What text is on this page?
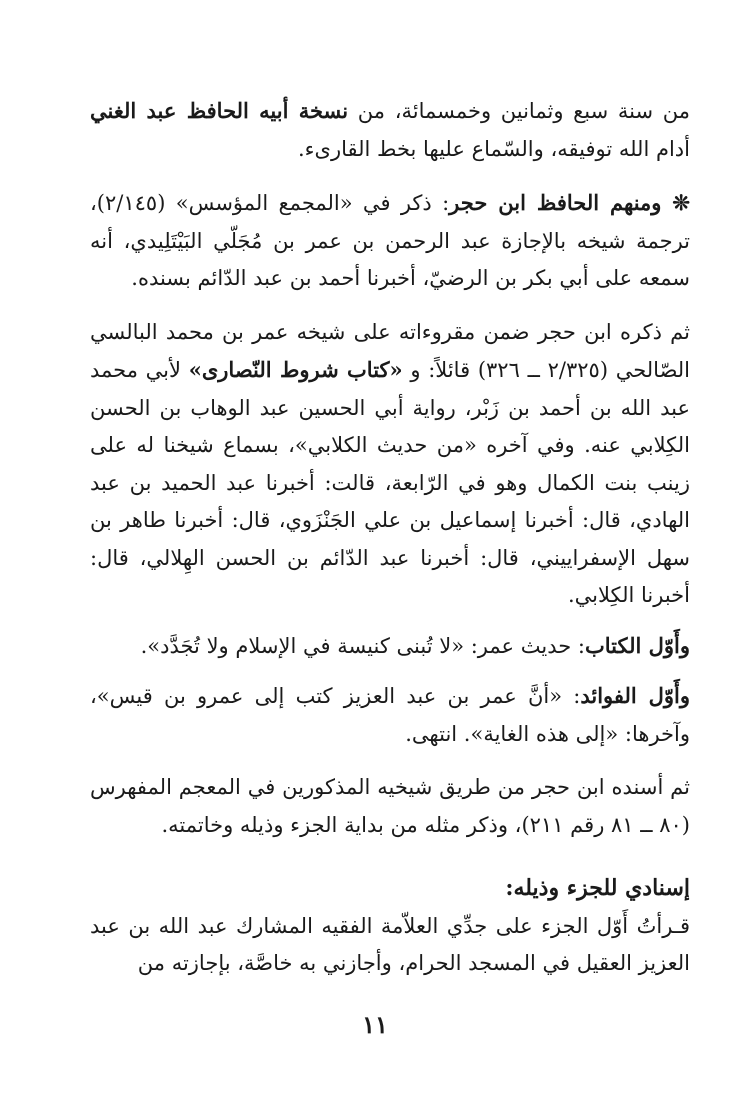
من سنة سبع وثمانين وخمسمائة، من نسخة أبيه الحافظ عبد الغني أدام الله توفيقه، والسّماع عليها بخط القارىء.

❊ ومنهم الحافظ ابن حجر: ذكر في «المجمع المؤسس» (٢/١٤٥)، ترجمة شيخه بالإجازة عبد الرحمن بن عمر بن مُجَلّي البَيْتَلِيدي، أنه سمعه على أبي بكر بن الرضيّ، أخبرنا أحمد بن عبد الدّائم بسنده.

ثم ذكره ابن حجر ضمن مقروءاته على شيخه عمر بن محمد البالسي الصّالحي (٢/٣٢٥ ــ ٣٢٦) قائلاً: و «كتاب شروط النّصارى» لأبي محمد عبد الله بن أحمد بن زَبْر، رواية أبي الحسين عبد الوهاب بن الحسن الكِلابي عنه. وفي آخره «من حديث الكلابي»، بسماع شيخنا له على زينب بنت الكمال وهو في الرّابعة، قالت: أخبرنا عبد الحميد بن عبد الهادي، قال: أخبرنا إسماعيل بن علي الجَنْزَوي، قال: أخبرنا طاهر بن سهل الإسفراييني، قال: أخبرنا عبد الدّائم بن الحسن الهِلالي، قال: أخبرنا الكِلابي.

وأَوّل الكتاب: حديث عمر: «لا تُبنى كنيسة في الإسلام ولا تُجَدَّد».

وأَوّل الفوائد: «أنَّ عمر بن عبد العزيز كتب إلى عمرو بن قيس»، وآخرها: «إلى هذه الغاية». انتهى.

ثم أسنده ابن حجر من طريق شيخيه المذكورين في المعجم المفهرس (٨٠ ــ ٨١ رقم ٢١١)، وذكر مثله من بداية الجزء وذيله وخاتمته.

إسنادي للجزء وذيله:

قـرأتُ أَوّل الجزء على جدِّي العلاّمة الفقيه المشارك عبد الله بن عبد العزيز العقيل في المسجد الحرام، وأجازني به خاصَّة، بإجازته من

١١
